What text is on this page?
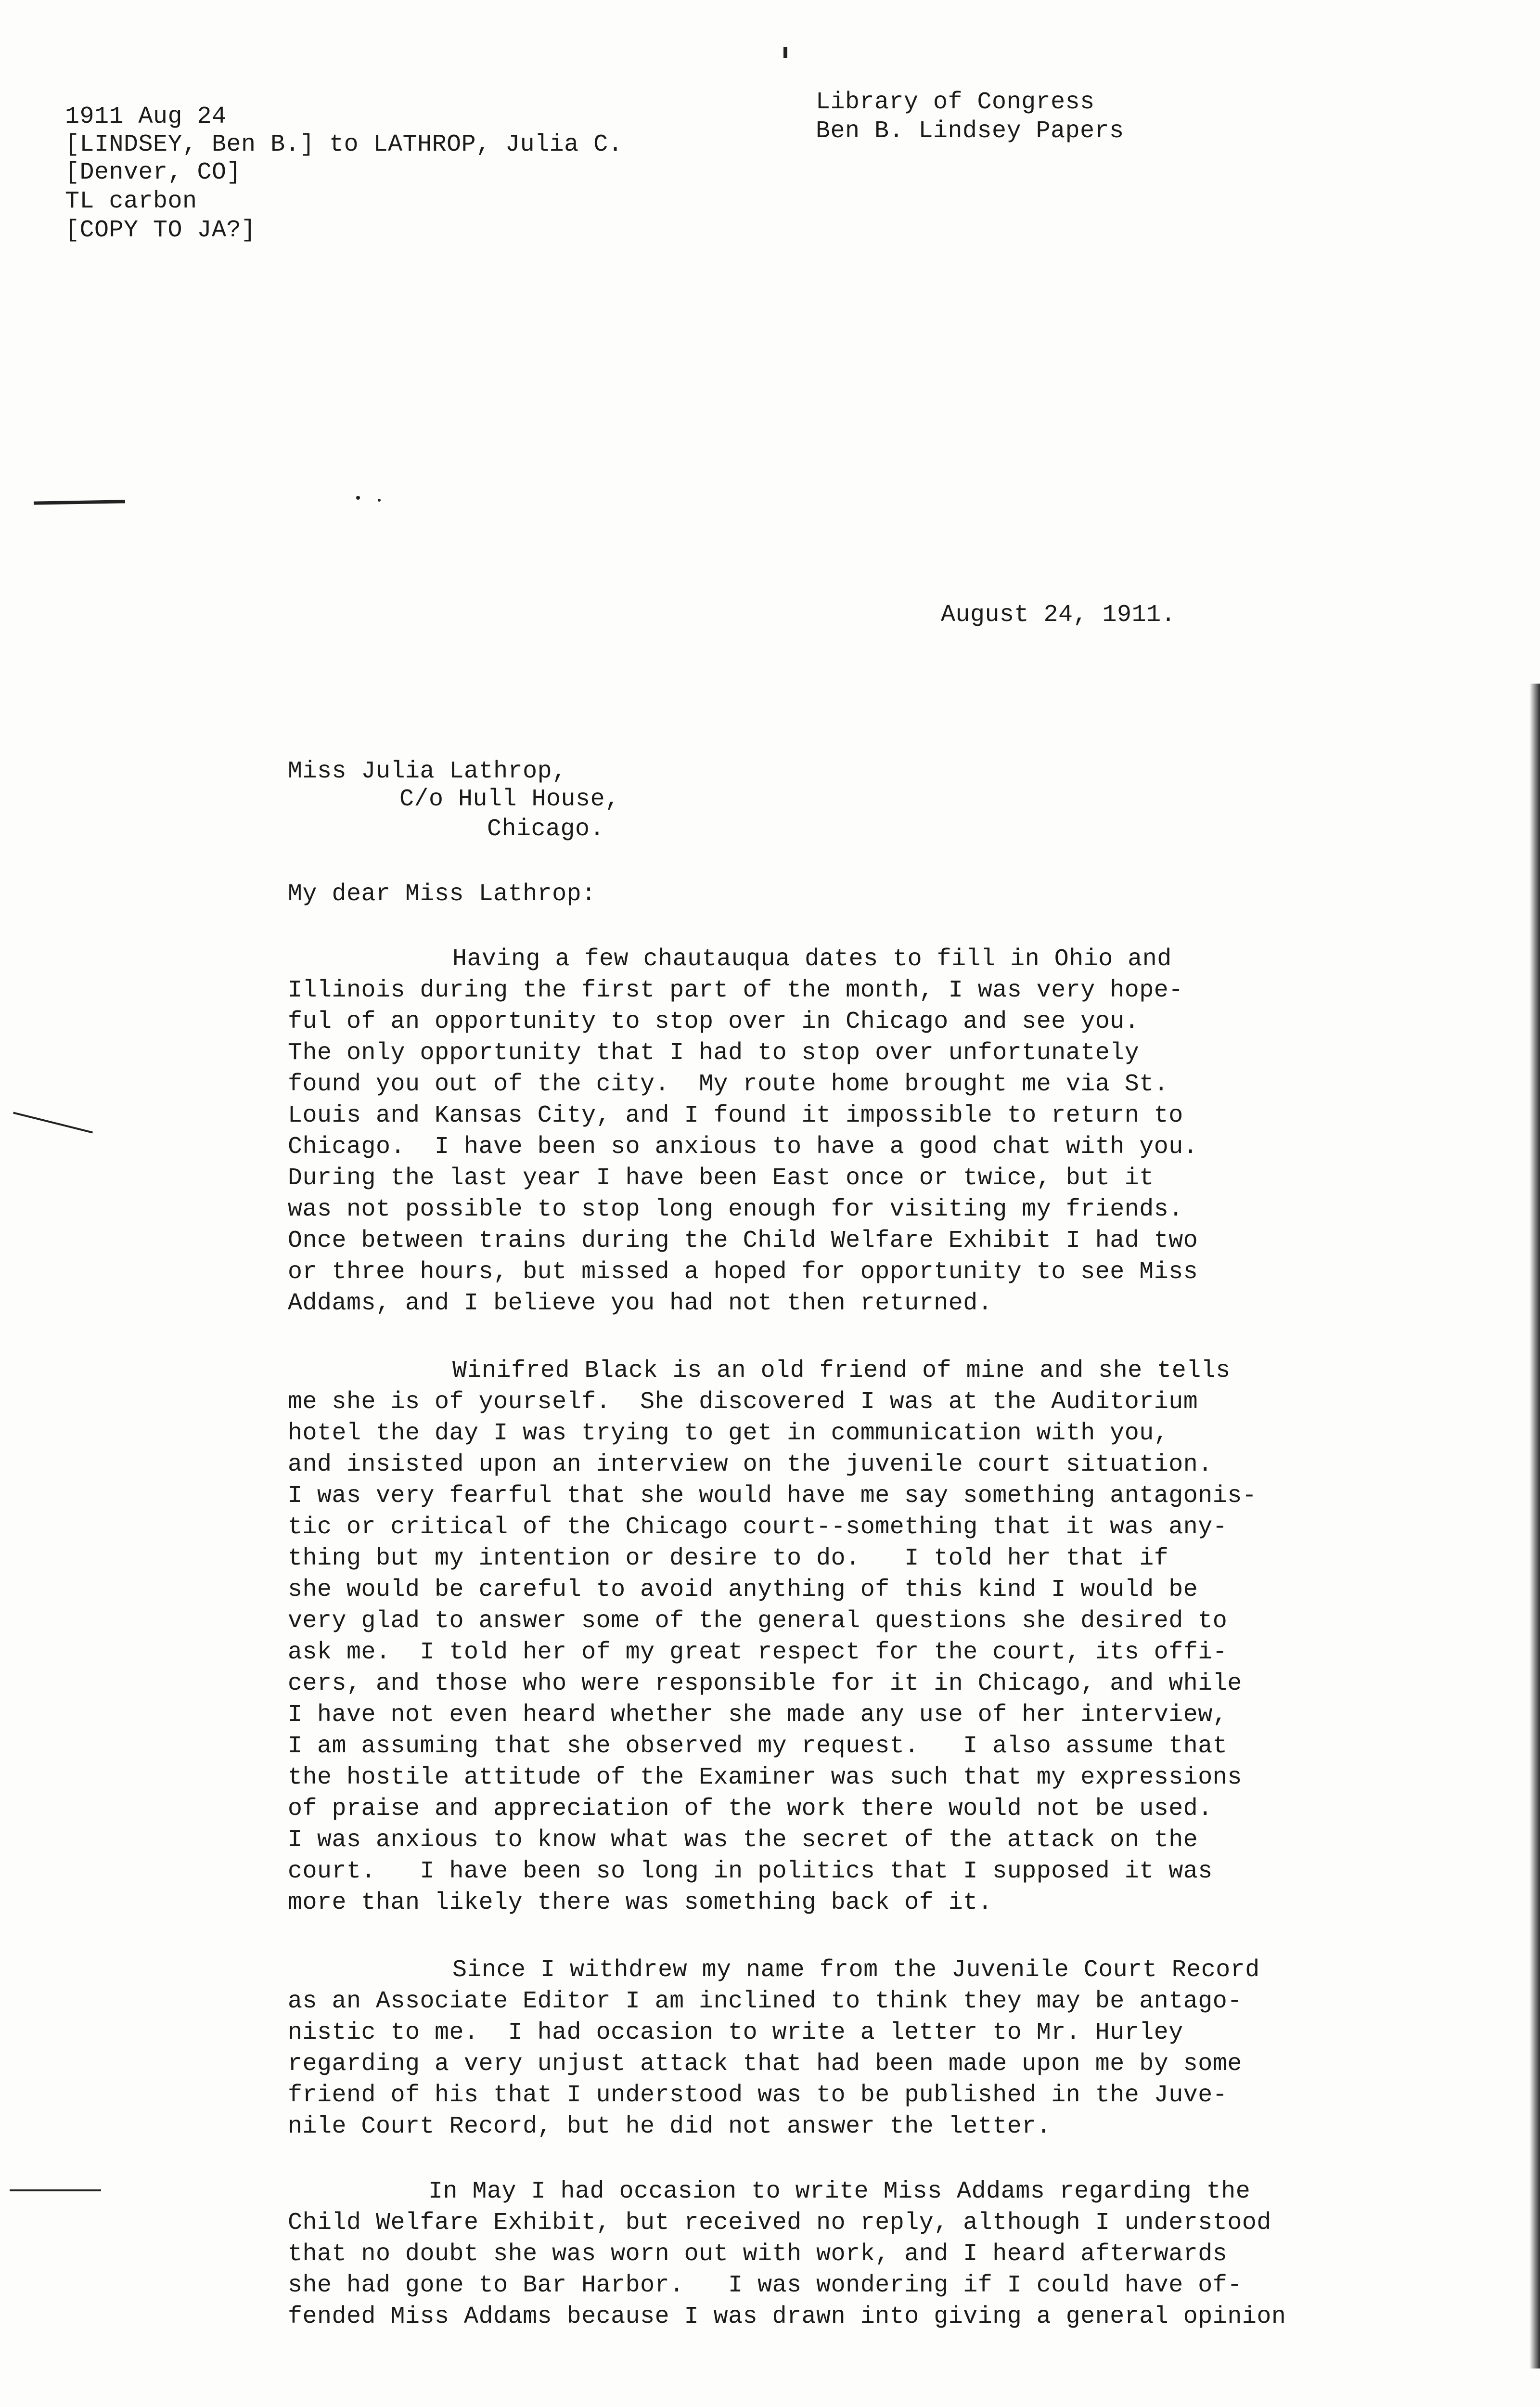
1911 Aug 24
[LINDSEY, Ben B.] to LATHROP, Julia C.
[Denver, CO]
TL carbon
[COPY TO JA?]
Library of Congress
Ben B. Lindsey Papers
August 24, 1911.
Miss Julia Lathrop,
C/o Hull House,
Chicago.
My dear Miss Lathrop:
Having a few chautauqua dates to fill in Ohio and
Illinois during the first part of the month, I was very hope-
ful of an opportunity to stop over in Chicago and see you.
The only opportunity that I had to stop over unfortunately
found you out of the city.  My route home brought me via St.
Louis and Kansas City, and I found it impossible to return to
Chicago.  I have been so anxious to have a good chat with you.
During the last year I have been East once or twice, but it
was not possible to stop long enough for visiting my friends.
Once between trains during the Child Welfare Exhibit I had two
or three hours, but missed a hoped for opportunity to see Miss
Addams, and I believe you had not then returned.
Winifred Black is an old friend of mine and she tells
me she is of yourself.  She discovered I was at the Auditorium
hotel the day I was trying to get in communication with you,
and insisted upon an interview on the juvenile court situation.
I was very fearful that she would have me say something antagonis-
tic or critical of the Chicago court--something that it was any-
thing but my intention or desire to do.   I told her that if
she would be careful to avoid anything of this kind I would be
very glad to answer some of the general questions she desired to
ask me.  I told her of my great respect for the court, its offi-
cers, and those who were responsible for it in Chicago, and while
I have not even heard whether she made any use of her interview,
I am assuming that she observed my request.   I also assume that
the hostile attitude of the Examiner was such that my expressions
of praise and appreciation of the work there would not be used.
I was anxious to know what was the secret of the attack on the
court.   I have been so long in politics that I supposed it was
more than likely there was something back of it.
Since I withdrew my name from the Juvenile Court Record
as an Associate Editor I am inclined to think they may be antago-
nistic to me.  I had occasion to write a letter to Mr. Hurley
regarding a very unjust attack that had been made upon me by some
friend of his that I understood was to be published in the Juve-
nile Court Record, but he did not answer the letter.
In May I had occasion to write Miss Addams regarding the
Child Welfare Exhibit, but received no reply, although I understood
that no doubt she was worn out with work, and I heard afterwards
she had gone to Bar Harbor.   I was wondering if I could have of-
fended Miss Addams because I was drawn into giving a general opinion
